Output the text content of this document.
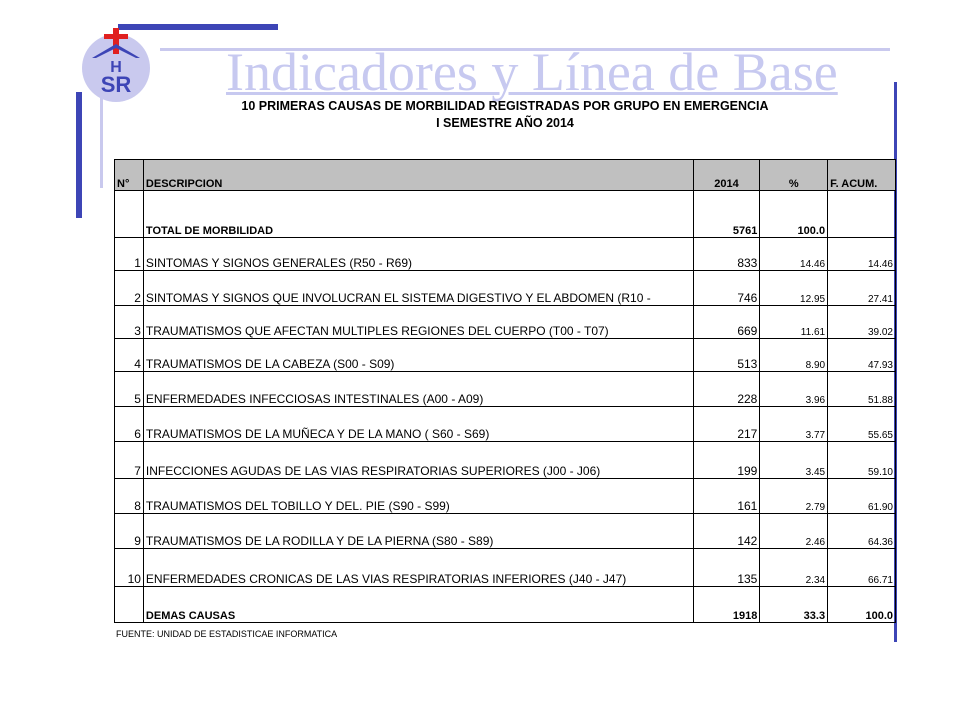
H
SR Indicadores y Línea de Base
10 PRIMERAS CAUSAS DE MORBILIDAD REGISTRADAS POR GRUPO EN EMERGENCIA
I SEMESTRE AÑO 2014
N°	DESCRIPCION	2014	%	F. ACUM.
	TOTAL DE MORBILIDAD	5761	100.0	
1	SINTOMAS Y SIGNOS GENERALES (R50 - R69)	833	14.46	14.46
2	SINTOMAS Y SIGNOS QUE INVOLUCRAN EL SISTEMA DIGESTIVO Y EL ABDOMEN (R10 -	746	12.95	27.41
3	TRAUMATISMOS QUE AFECTAN MULTIPLES REGIONES DEL CUERPO (T00 - T07)	669	11.61	39.02
4	TRAUMATISMOS DE LA CABEZA (S00 - S09)	513	8.90	47.93
5	ENFERMEDADES INFECCIOSAS INTESTINALES (A00 - A09)	228	3.96	51.88
6	TRAUMATISMOS DE LA MUÑECA Y DE LA MANO ( S60 - S69)	217	3.77	55.65
7	INFECCIONES AGUDAS DE LAS VIAS RESPIRATORIAS SUPERIORES (J00 - J06)	199	3.45	59.10
8	TRAUMATISMOS DEL TOBILLO Y DEL. PIE (S90 - S99)	161	2.79	61.90
9	TRAUMATISMOS DE LA RODILLA Y DE LA PIERNA (S80 - S89)	142	2.46	64.36
10	ENFERMEDADES CRONICAS DE LAS VIAS RESPIRATORIAS INFERIORES (J40 - J47)	135	2.34	66.71
	DEMAS CAUSAS	1918	33.3	100.0
FUENTE: UNIDAD DE ESTADISTICAE INFORMATICA
